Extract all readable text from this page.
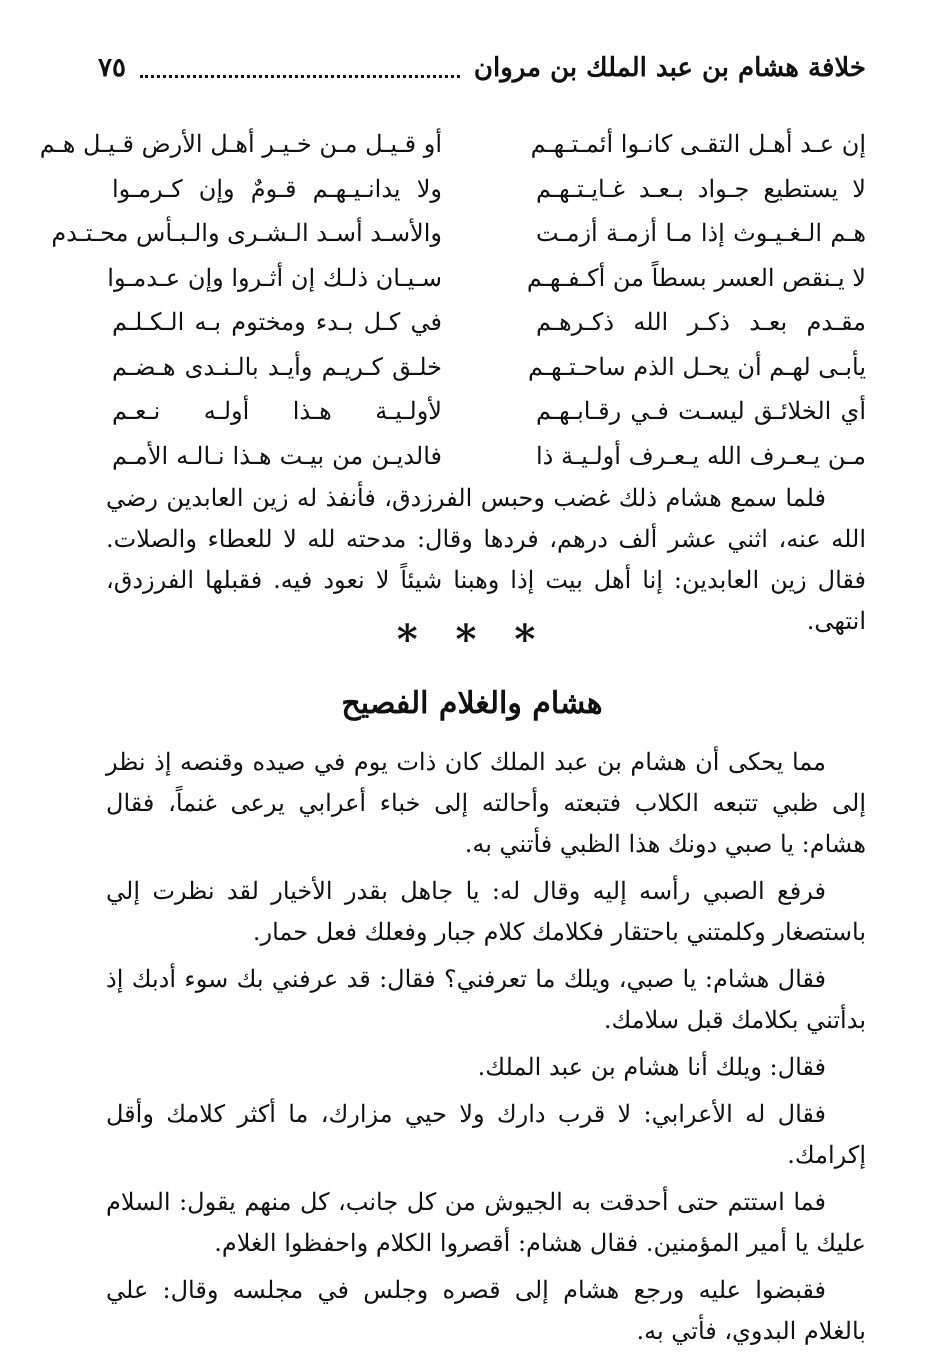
خلافة هشام بن عبد الملك بن مروان
٧٥
إن عـد أهـل التقـى كانـوا أئمـتـهـم
أو قـيـل مـن خـيـر أهـل الأرض قـيـل هـم
لا يستطيع جـواد بـعـد غـايـتـهـم
ولا يدانـيـهـم قـومٌ وإن كـرمـوا
هـم الـغـيـوث إذا مـا أزمـة أزمـت
والأسـد أسـد الـشـرى والـبـأس محـتـدم
لا يـنقص العسر بسطاً من أكـفـهـم
سـيـان ذلـك إن أثـروا وإن عـدمـوا
مقـدم بعـد ذكـر الله ذكـرهـم
في كـل بـدء ومختوم بـه الـكـلـم
يأبـى لهـم أن يحـل الذم ساحـتـهـم
خلـق كـريـم وأيـد بالـنـدى هـضـم
أي الخلائـق ليسـت فـي رقـابـهـم
لأولـيـة هـذا أولـه نـعـم
مـن يـعـرف الله يـعـرف أولـيـة ذا
فالديـن من بيـت هـذا نـالـه الأمـم

فلما سمع هشام ذلك غضب وحبس الفرزدق، فأنفذ له زين العابدين رضي الله عنه، اثني عشر ألف درهم، فردها وقال: مدحته لله لا للعطاء والصلات. فقال زين العابدين: إنا أهل بيت إذا وهبنا شيئاً لا نعود فيه. فقبلها الفرزدق، انتهى.

* * *
هشام والغلام الفصيح

مما يحكى أن هشام بن عبد الملك كان ذات يوم في صيده وقنصه إذ نظر إلى ظبي تتبعه الكلاب فتبعته وأحالته إلى خباء أعرابي يرعى غنماً، فقال هشام: يا صبي دونك هذا الظبي فأتني به.

فرفع الصبي رأسه إليه وقال له: يا جاهل بقدر الأخيار لقد نظرت إلي باستصغار وكلمتني باحتقار فكلامك كلام جبار وفعلك فعل حمار.

فقال هشام: يا صبي، ويلك ما تعرفني؟ فقال: قد عرفني بك سوء أدبك إذ بدأتني بكلامك قبل سلامك.

فقال: ويلك أنا هشام بن عبد الملك.

فقال له الأعرابي: لا قرب دارك ولا حيي مزارك، ما أكثر كلامك وأقل إكرامك.

فما استتم حتى أحدقت به الجيوش من كل جانب، كل منهم يقول: السلام عليك يا أمير المؤمنين. فقال هشام: أقصروا الكلام واحفظوا الغلام.

فقبضوا عليه ورجع هشام إلى قصره وجلس في مجلسه وقال: علي بالغلام البدوي، فأتي به.
